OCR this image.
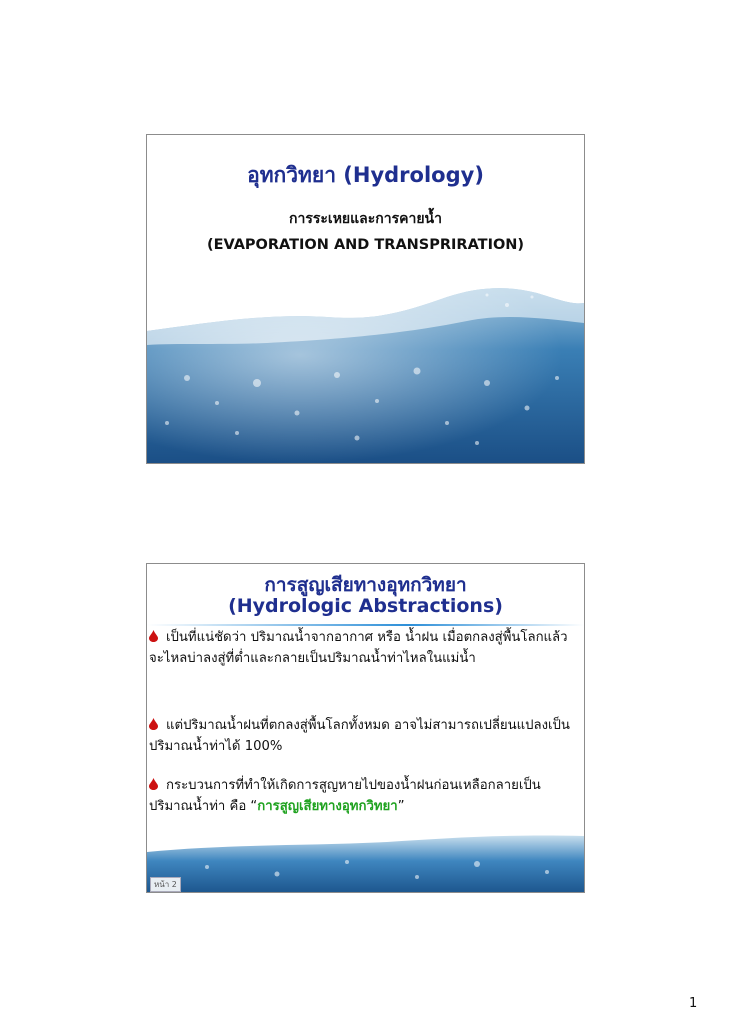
อุทกวิทยา (Hydrology)
การระเหยและการคายน้ำ
(EVAPORATION AND TRANSPRIRATION)
การสูญเสียทางอุทกวิทยา
(Hydrologic Abstractions)
เป็นที่แน่ชัดว่า ปริมาณน้ำจากอากาศ หรือ น้ำฝน เมื่อตกลงสู่พื้นโลกแล้ว จะไหลบ่าลงสู่ที่ต่ำและกลายเป็นปริมาณน้ำท่าไหลในแม่น้ำ
แต่ปริมาณน้ำฝนที่ตกลงสู่พื้นโลกทั้งหมด อาจไม่สามารถเปลี่ยนแปลงเป็นปริมาณน้ำท่าได้ 100%
กระบวนการที่ทำให้เกิดการสูญหายไปของน้ำฝนก่อนเหลือกลายเป็นปริมาณน้ำท่า คือ “การสูญเสียทางอุทกวิทยา”
หน้า 2
1
